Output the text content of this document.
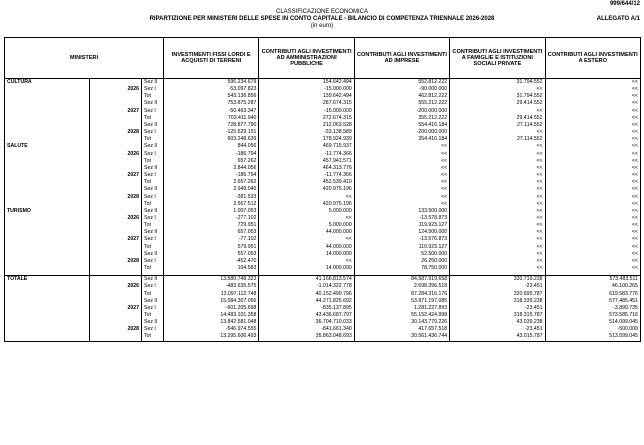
999/644/12
CLASSIFICAZIONE ECONOMICA
RIPARTIZIONE PER MINISTERI DELLE SPESE IN CONTO CAPITALE - BILANCIO DI COMPETENZA TRIENNALE 2026-2028
(in euro)
ALLEGATO A/1
MINISTERI			INVESTIMENTI FISSI LORDI E ACQUISTI DI TERRENI	CONTRIBUTI AGLI INVESTIMENTI AD AMMINISTRAZIONI PUBBLICHE	CONTRIBUTI AGLI INVESTIMENTI AD IMPRESE	CONTRIBUTI AGLI INVESTIMENTI A FAMIGLIE E ISTITUZIONI SOCIALI PRIVATE	CONTRIBUTI AGLI INVESTIMENTI A ESTERO
CULTURA		Sez II	596.234.679	154.642.494	552.812.222	31.794.552	<<
	2026	Sez I	-53.097.823	-15.000.000	-90.000.000	<<	<<
		Tot	543.136.856	139.642.494	462.812.222	31.794.552	<<
		Sez II	753.875.287	287.674.315	555.212.222	29.414.552	<<
	2027	Sez I	-50.463.347	-15.000.000	-200.000.000	<<	<<
		Tot	703.411.940	272.674.315	355.212.222	29.414.552	<<
		Sez II	728.877.790	212.063.528	554.416.184	27.114.552	<<
	2028	Sez I	-125.629.151	-33.138.589	-200.000.000	<<	<<
		Tot	603.248.639	178.924.939	354.416.184	27.114.552	<<
SALUTE		Sez II	844.056	469.715.937	<<	<<	<<
	2026	Sez I	-186.794	-11.774.366	<<	<<	<<
		Tot	657.262	457.941.571	<<	<<	<<
		Sez II	2.844.056	464.313.776	<<	<<	<<
	2027	Sez I	-186.794	-11.774.366	<<	<<	<<
		Tot	2.657.262	452.539.410	<<	<<	<<
		Sez II	2.949.045	420.975.196	<<	<<	<<
	2028	Sez I	-381.533	<<	<<	<<	<<
		Tot	2.567.512	420.975.196	<<	<<	<<
TURISMO		Sez II	1.007.053	5.000.000	133.500.000	<<	<<
	2026	Sez I	-277.102	<<	-13.578.873	<<	<<
		Tot	729.951	5.000.000	119.923.127	<<	<<
		Sez II	657.053	44.000.000	124.500.000	<<	<<
	2027	Sez I	-77.102	<<	-13.576.873	<<	<<
		Tot	579.951	44.000.000	110.923.127	<<	<<
		Sez II	557.053	14.000.000	52.500.000	<<	<<
	2028	Sez I	-452.470	<<	26.250.000	<<	<<
		Tot	104.583	14.000.000	78.750.000	<<	<<

TOTALE		Sez II	13.580.748.323	41.166.813.574	84.587.919.658	320.719.238	573.483.511
	2026	Sez I	-483.635.575	-1.014.322.778	2.698.396.518	-23.451	46.100.265
		Tot	13.097.112.748	40.152.490.796	87.284.316.176	320.695.787	619.583.776
		Sez II	15.084.307.056	44.271.825.692	53.871.197.085	318.339.238	577.485.451
	2027	Sez I	-601.205.698	-835.137.895	1.281.227.893	-23.451	-3.899.735
		Tot	14.483.101.358	43.436.687.797	55.152.424.998	318.315.787	573.585.716
		Sez II	13.842.581.048	36.704.710.033	30.143.779.226	43.039.238	514.099.045
	2028	Sez I	-546.974.555	-841.661.340	417.657.518	-23.451	-500.000
		Tot	13.295.606.493	35.863.048.693	30.561.436.744	43.015.787	513.599.045
